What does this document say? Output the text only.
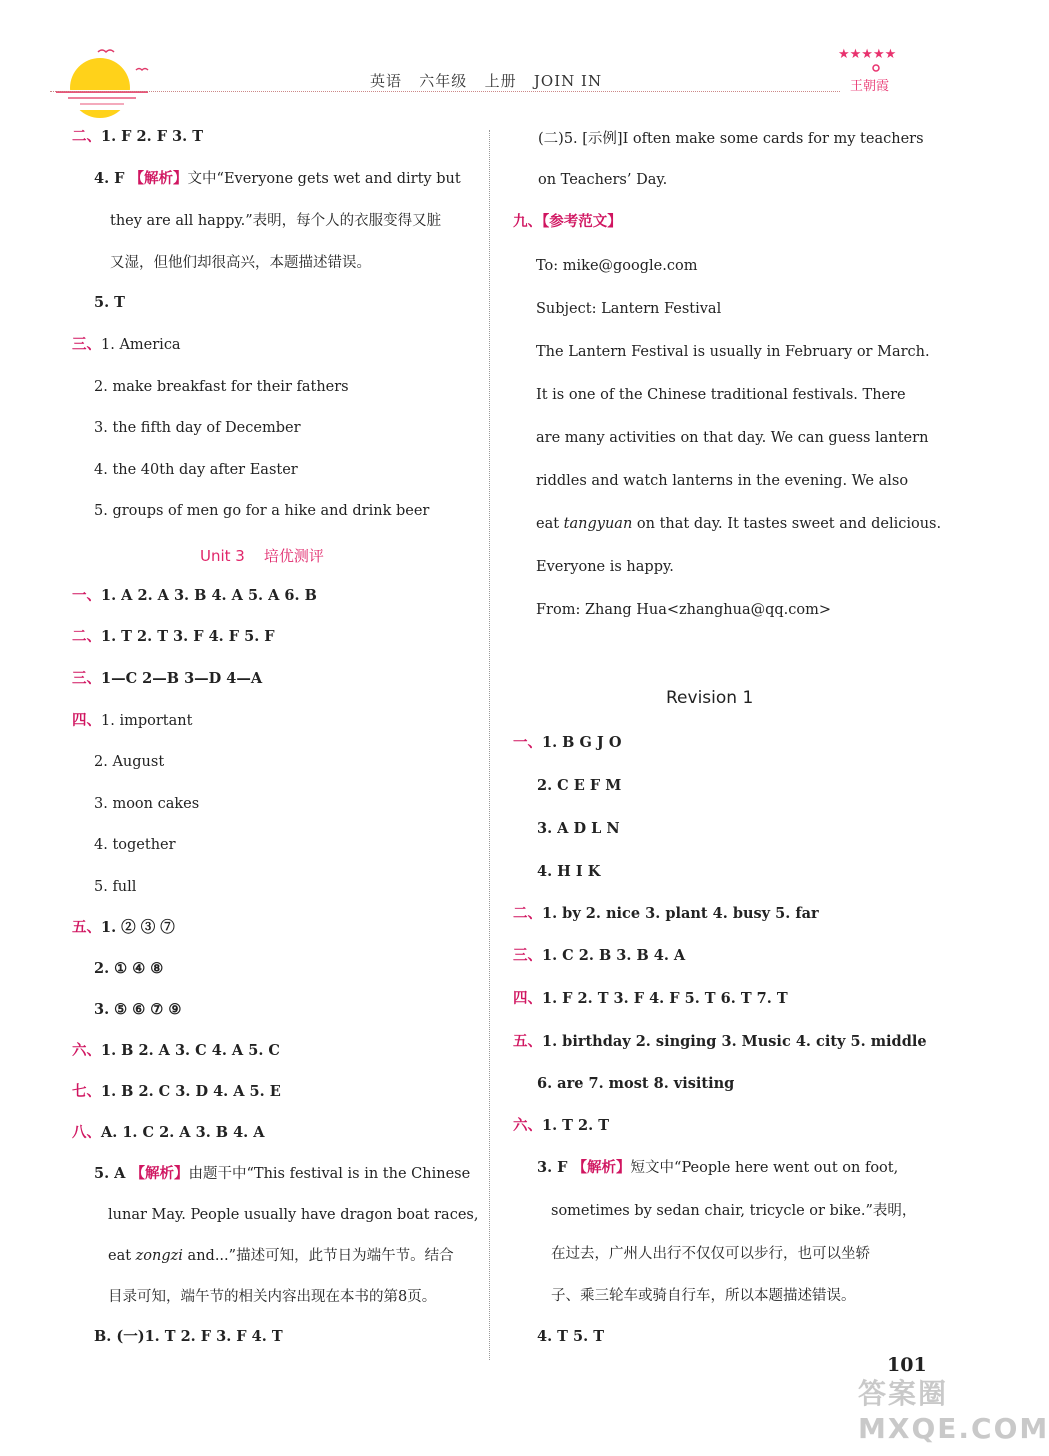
英语   六年级   上册   JOIN IN
★★★★★
王朝霞
二、1. F 2. F 3. T
4. F 【解析】文中“Everyone gets wet and dirty but
they are all happy.”表明，每个人的衣服变得又脏
又湿，但他们却很高兴，本题描述错误。
5. T
三、1. America
2. make breakfast for their fathers
3. the fifth day of December
4. the 40th day after Easter
5. groups of men go for a hike and drink beer
Unit 3    培优测评
一、1. A 2. A 3. B 4. A 5. A 6. B
二、1. T 2. T 3. F 4. F 5. F
三、1—C 2—B 3—D 4—A
四、1. important
2. August
3. moon cakes
4. together
5. full
五、1. ② ③ ⑦
2. ① ④ ⑧
3. ⑤ ⑥ ⑦ ⑨
六、1. B 2. A 3. C 4. A 5. C
七、1. B 2. C 3. D 4. A 5. E
八、A. 1. C 2. A 3. B 4. A
5. A 【解析】由题干中“This festival is in the Chinese
lunar May. People usually have dragon boat races,
eat zongzi and...”描述可知，此节日为端午节。结合
目录可知，端午节的相关内容出现在本书的第8页。
B. (一)1. T 2. F 3. F 4. T
(二)5. [示例]I often make some cards for my teachers
on Teachers’ Day.
九、【参考范文】
To: mike@google.com
Subject: Lantern Festival
The Lantern Festival is usually in February or March.
It is one of the Chinese traditional festivals. There
are many activities on that day. We can guess lantern
riddles and watch lanterns in the evening. We also
eat tangyuan on that day. It tastes sweet and delicious.
Everyone is happy.
From: Zhang Hua<zhanghua@qq.com>
Revision 1
一、1. B G J O
2. C E F M
3. A D L N
4. H I K
二、1. by 2. nice 3. plant 4. busy 5. far
三、1. C 2. B 3. B 4. A
四、1. F 2. T 3. F 4. F 5. T 6. T 7. T
五、1. birthday 2. singing 3. Music 4. city 5. middle
6. are 7. most 8. visiting
六、1. T 2. T
3. F 【解析】短文中“People here went out on foot,
sometimes by sedan chair, tricycle or bike.”表明，
在过去，广州人出行不仅仅可以步行，也可以坐轿
子、乘三轮车或骑自行车，所以本题描述错误。
4. T 5. T
101
答案圈 MXQE.COM
